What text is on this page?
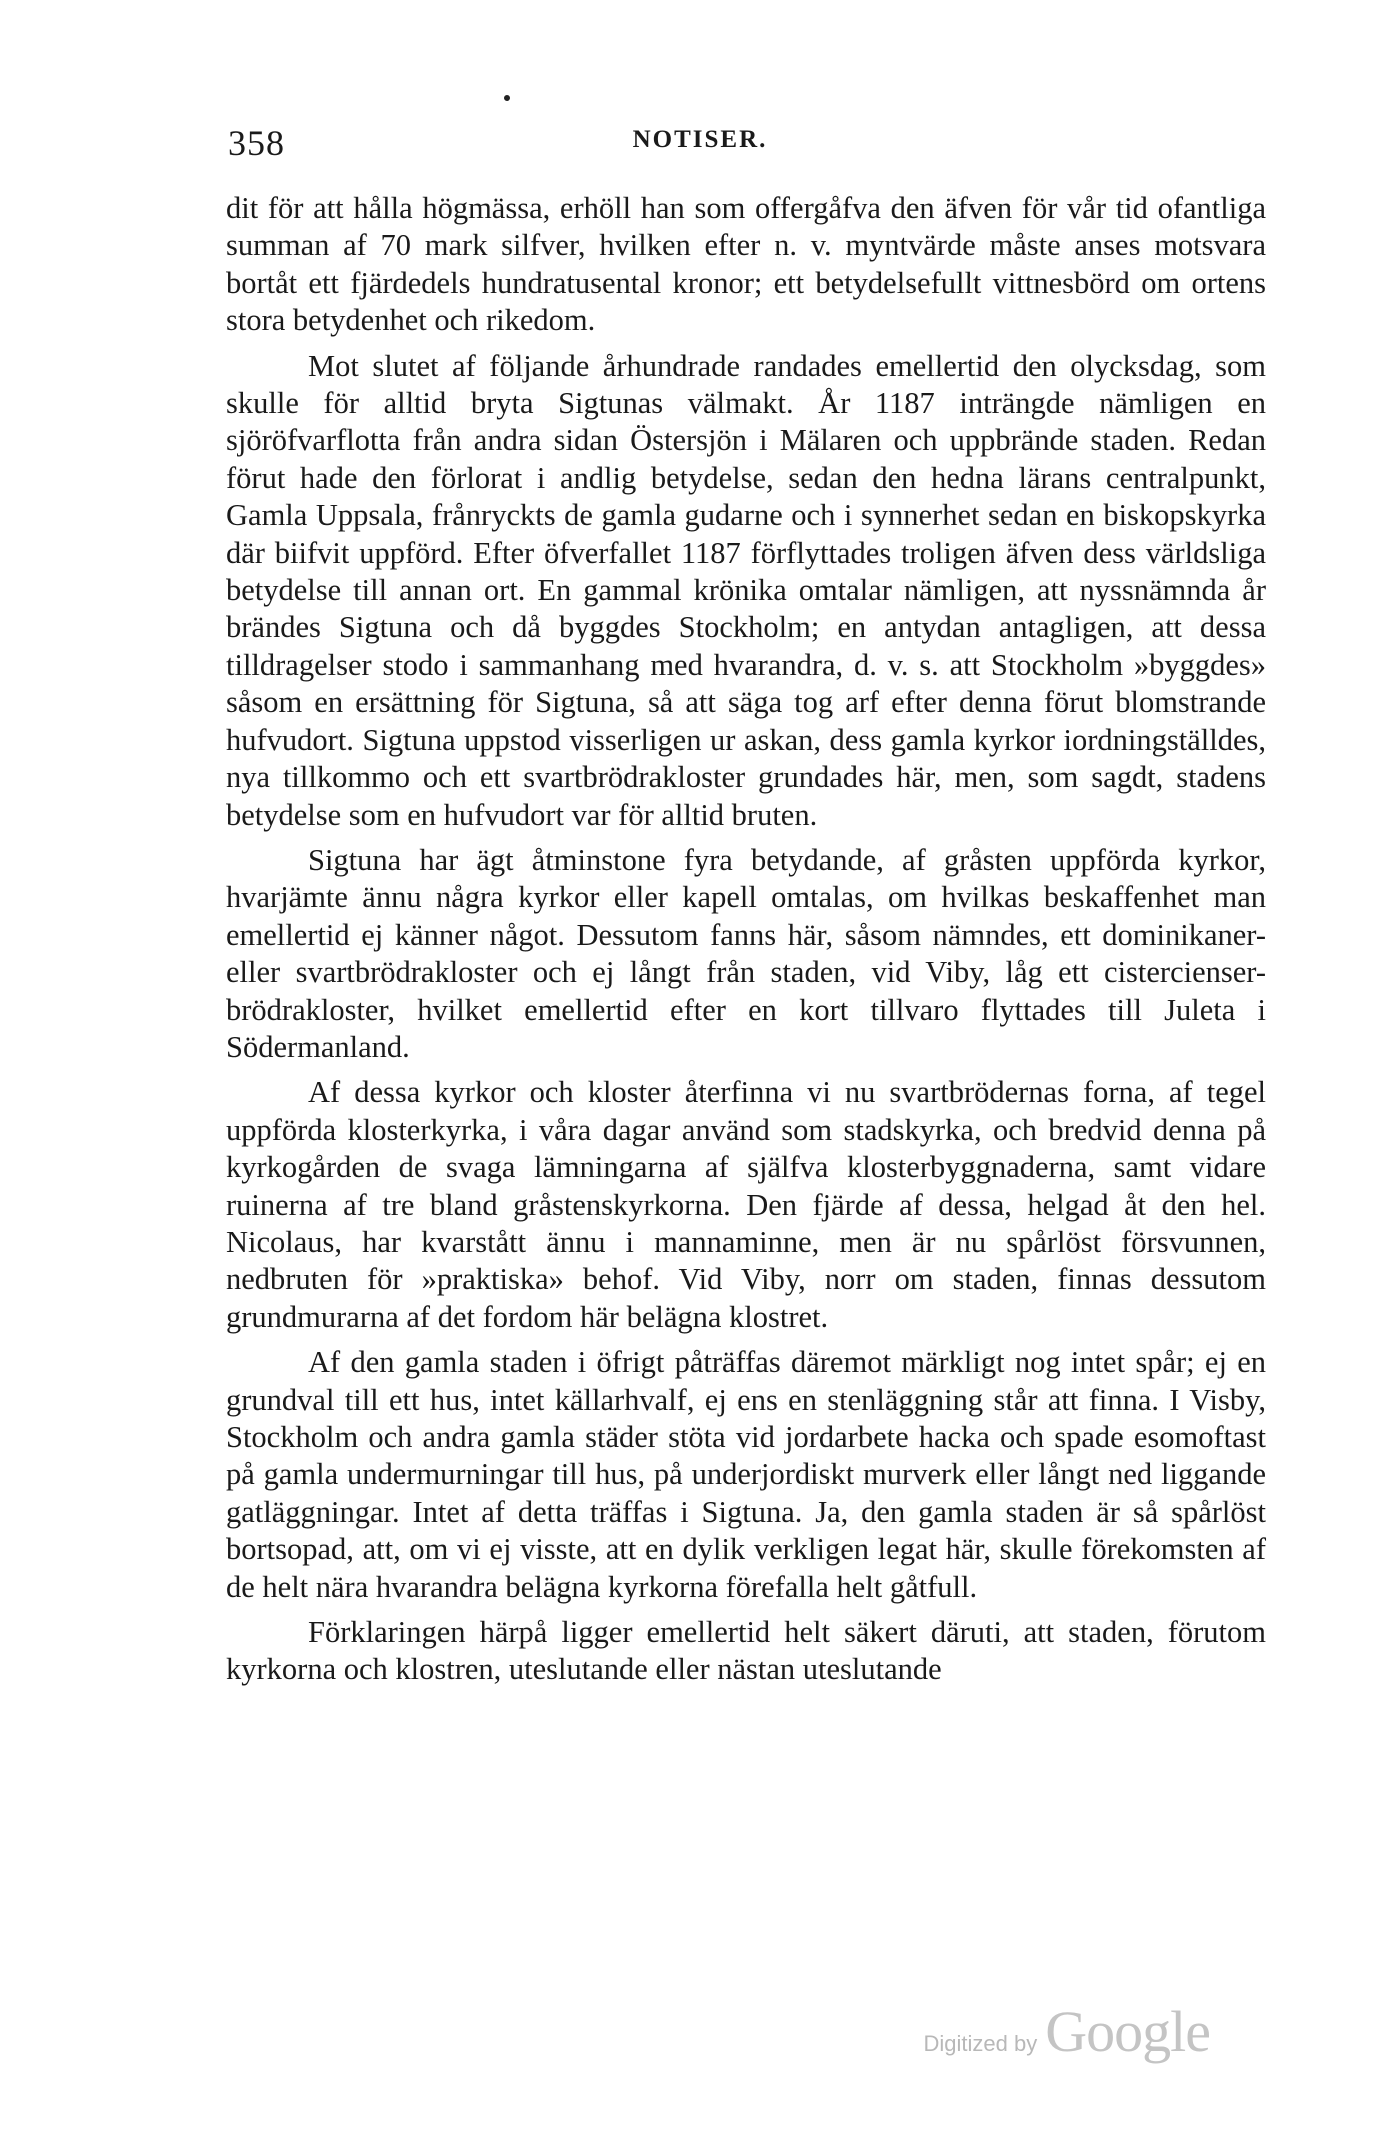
358	NOTISER.

dit för att hålla högmässa, erhöll han som offergåfva den äfven för vår tid ofantliga summan af 70 mark silfver, hvilken efter n. v. myntvärde måste anses motsvara bortåt ett fjärdedels hundratusental kronor; ett betydelsefullt vittnesbörd om ortens stora betydenhet och rikedom.

Mot slutet af följande århundrade randades emellertid den olycksdag, som skulle för alltid bryta Sigtunas välmakt. År 1187 inträngde nämligen en sjöröfvarflotta från andra sidan Östersjön i Mälaren och uppbrände staden. Redan förut hade den förlorat i andlig betydelse, sedan den hedna lärans centralpunkt, Gamla Uppsala, frånryckts de gamla gudarne och i synnerhet sedan en biskopskyrka där biifvit uppförd. Efter öfverfallet 1187 förflyttades troligen äfven dess världsliga betydelse till annan ort. En gammal krönika omtalar nämligen, att nyssnämnda år brändes Sigtuna och då byggdes Stockholm; en antydan antagligen, att dessa tilldragelser stodo i sammanhang med hvarandra, d. v. s. att Stockholm »byggdes» såsom en ersättning för Sigtuna, så att säga tog arf efter denna förut blomstrande hufvudort. Sigtuna uppstod visserligen ur askan, dess gamla kyrkor iordningställdes, nya tillkommo och ett svartbrödrakloster grundades här, men, som sagdt, stadens betydelse som en hufvudort var för alltid bruten.

Sigtuna har ägt åtminstone fyra betydande, af gråsten uppförda kyrkor, hvarjämte ännu några kyrkor eller kapell omtalas, om hvilkas beskaffenhet man emellertid ej känner något. Dessutom fanns här, såsom nämndes, ett dominikaner- eller svartbrödrakloster och ej långt från staden, vid Viby, låg ett cistercienser-brödrakloster, hvilket emellertid efter en kort tillvaro flyttades till Juleta i Södermanland.

Af dessa kyrkor och kloster återfinna vi nu svartbrödernas forna, af tegel uppförda klosterkyrka, i våra dagar använd som stadskyrka, och bredvid denna på kyrkogården de svaga lämningarna af själfva klosterbyggnaderna, samt vidare ruinerna af tre bland gråstenskyrkorna. Den fjärde af dessa, helgad åt den hel. Nicolaus, har kvarstått ännu i mannaminne, men är nu spårlöst försvunnen, nedbruten för »praktiska» behof. Vid Viby, norr om staden, finnas dessutom grundmurarna af det fordom här belägna klostret.

Af den gamla staden i öfrigt påträffas däremot märkligt nog intet spår; ej en grundval till ett hus, intet källarhvalf, ej ens en stenläggning står att finna. I Visby, Stockholm och andra gamla städer stöta vid jordarbete hacka och spade esomoftast på gamla undermurningar till hus, på underjordiskt murverk eller långt ned liggande gatläggningar. Intet af detta träffas i Sigtuna. Ja, den gamla staden är så spårlöst bortsopad, att, om vi ej visste, att en dylik verkligen legat här, skulle förekomsten af de helt nära hvarandra belägna kyrkorna förefalla helt gåtfull.

Förklaringen härpå ligger emellertid helt säkert däruti, att staden, förutom kyrkorna och klostren, uteslutande eller nästan uteslutande

Digitized by Google
